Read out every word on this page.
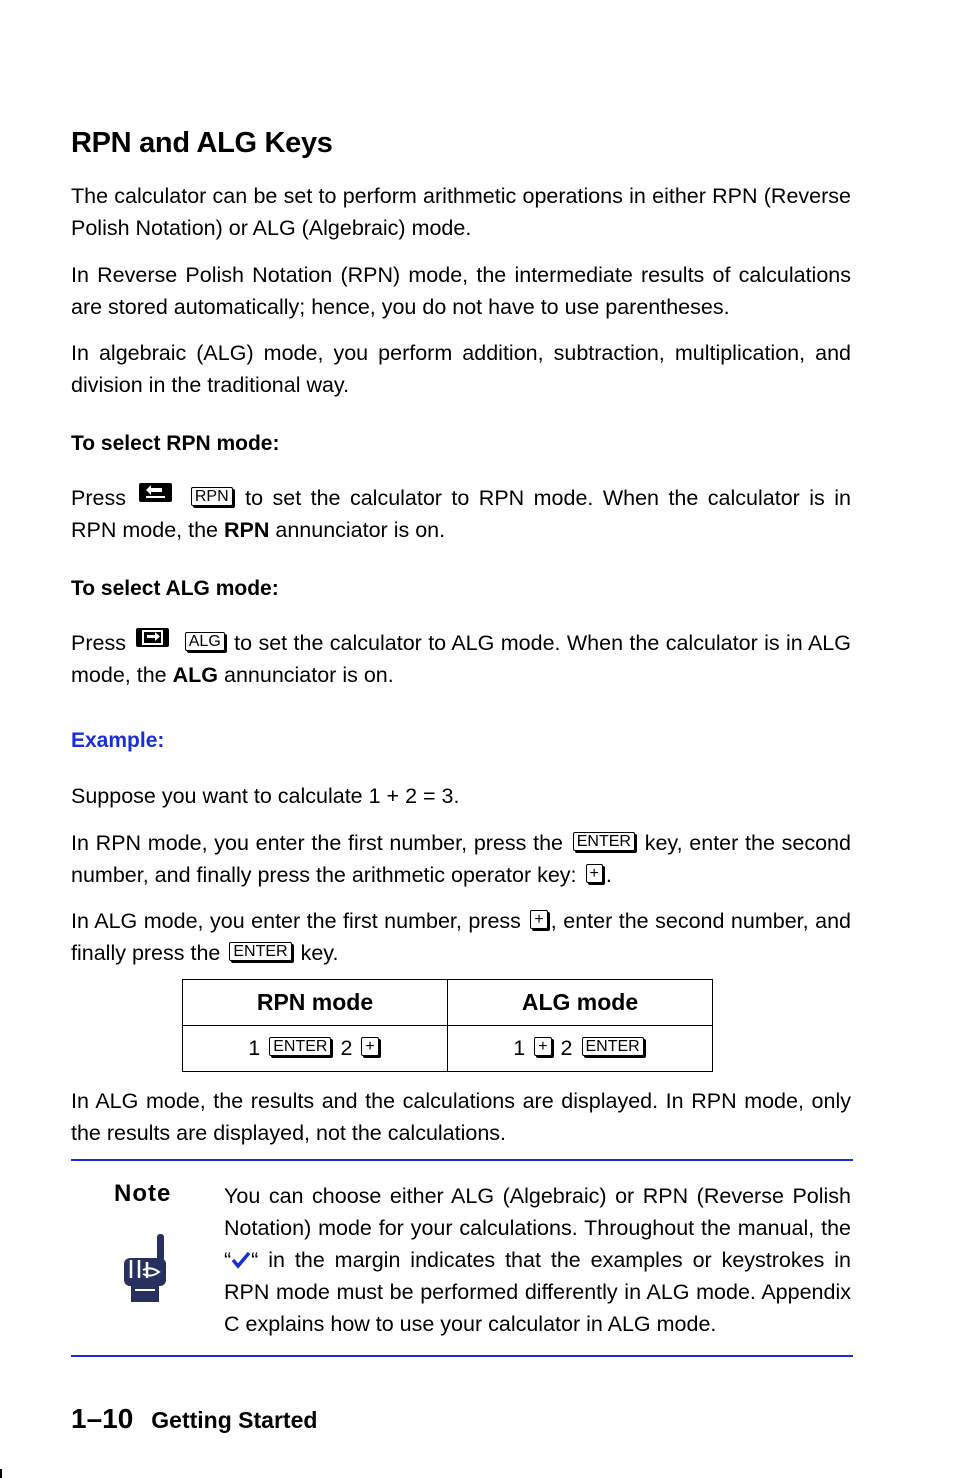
RPN and ALG Keys

The calculator can be set to perform arithmetic operations in either RPN (Reverse Polish Notation) or ALG (Algebraic) mode.

In Reverse Polish Notation (RPN) mode, the intermediate results of calculations are stored automatically; hence, you do not have to use parentheses.

In algebraic (ALG) mode, you perform addition, subtraction, multiplication, and division in the traditional way.

To select RPN mode:

Press	RPN to set the calculator to RPN mode. When the calculator is in RPN mode, the RPN annunciator is on.

To select ALG mode:

Press	ALG to set the calculator to ALG mode. When the calculator is in ALG mode, the ALG annunciator is on.

Example:

Suppose you want to calculate 1 + 2 = 3.

In RPN mode, you enter the first number, press the ENTER key, enter the second number, and finally press the arithmetic operator key: + .

In ALG mode, you enter the first number, press + , enter the second number, and finally press the ENTER key.

RPN mode	ALG mode
1 ENTER 2 +	1 + 2 ENTER

In ALG mode, the results and the calculations are displayed. In RPN mode, only the results are displayed, not the calculations.

Note You can choose either ALG (Algebraic) or RPN (Reverse Polish Notation) mode for your calculations. Throughout the manual, the “ “ in the margin indicates that the examples or keystrokes in RPN mode must be performed differently in ALG mode. Appendix C explains how to use your calculator in ALG mode.

1–10 Getting Started
